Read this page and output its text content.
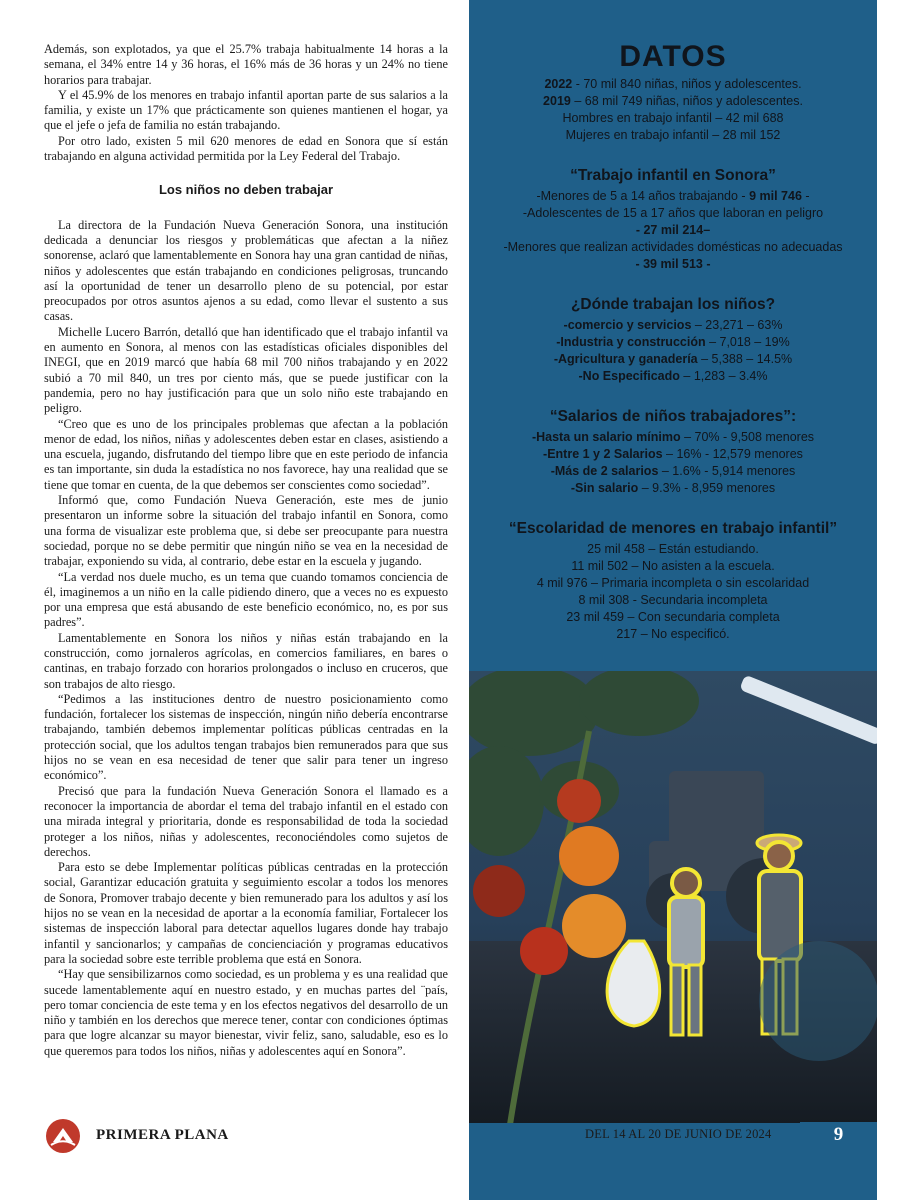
Además, son explotados, ya que el 25.7% trabaja habitualmente 14 horas a la semana, el 34% entre 14 y 36 horas, el 16% más de 36 horas y un 24% no tiene horarios para trabajar.

Y el 45.9% de los menores en trabajo infantil aportan parte de sus salarios a la familia, y existe un 17% que prácticamente son quienes mantienen el hogar, ya que el jefe o jefa de familia no están trabajando.

Por otro lado, existen 5 mil 620 menores de edad en Sonora que sí están trabajando en alguna actividad permitida por la Ley Federal del Trabajo.

Los niños no deben trabajar

La directora de la Fundación Nueva Generación Sonora, una institución dedicada a denunciar los riesgos y problemáticas que afectan a la niñez sonorense, aclaró que lamentablemente en Sonora hay una gran cantidad de niñas, niños y adolescentes que están trabajando en condiciones peligrosas, truncando así la oportunidad de tener un desarrollo pleno de su potencial, por estar preocupados por otros asuntos ajenos a su edad, como llevar el sustento a sus casas.

Michelle Lucero Barrón, detalló que han identificado que el trabajo infantil va en aumento en Sonora, al menos con las estadísticas oficiales disponibles del INEGI, que en 2019 marcó que había 68 mil 700 niños trabajando y en 2022 subió a 70 mil 840, un tres por ciento más, que se puede justificar con la pandemia, pero no hay justificación para que un solo niño este trabajando en peligro.

“Creo que es uno de los principales problemas que afectan a la población menor de edad, los niños, niñas y adolescentes deben estar en clases, asistiendo a una escuela, jugando, disfrutando del tiempo libre que en este periodo de infancia es tan importante, sin duda la estadística no nos favorece, hay una realidad que se tiene que tomar en cuenta, de la que debemos ser conscientes como sociedad”.

Informó que, como Fundación Nueva Generación, este mes de junio presentaron un informe sobre la situación del trabajo infantil en Sonora, como una forma de visualizar este problema que, si debe ser preocupante para nuestra sociedad, porque no se debe permitir que ningún niño se vea en la necesidad de trabajar, exponiendo su vida, al contrario, debe estar en la escuela y jugando.

“La verdad nos duele mucho, es un tema que cuando tomamos conciencia de él, imaginemos a un niño en la calle pidiendo dinero, que a veces no es expuesto por una empresa que está abusando de este beneficio económico, no, es por sus padres”.

Lamentablemente en Sonora los niños y niñas están trabajando en la construcción, como jornaleros agrícolas, en comercios familiares, en bares o cantinas, en trabajo forzado con horarios prolongados o incluso en cruceros, que son trabajos de alto riesgo.

“Pedimos a las instituciones dentro de nuestro posicionamiento como fundación, fortalecer los sistemas de inspección, ningún niño debería encontrarse trabajando, también debemos implementar políticas públicas centradas en la protección social, que los adultos tengan trabajos bien remunerados para que sus hijos no se vean en esa necesidad de tener que salir para tener un ingreso económico”.

Precisó que para la fundación Nueva Generación Sonora el llamado es a reconocer la importancia de abordar el tema del trabajo infantil en el estado con una mirada integral y prioritaria, donde es responsabilidad de toda la sociedad proteger a los niños, niñas y adolescentes, reconociéndoles como sujetos de derechos.

Para esto se debe Implementar políticas públicas centradas en la protección social, Garantizar educación gratuita y seguimiento escolar a todos los menores de Sonora, Promover trabajo decente y bien remunerado para los adultos y así los hijos no se vean en la necesidad de aportar a la economía familiar, Fortalecer los sistemas de inspección laboral para detectar aquellos lugares donde hay trabajo infantil y sancionarlos; y campañas de concienciación y programas educativos para la sociedad sobre este terrible problema que está en Sonora.

“Hay que sensibilizarnos como sociedad, es un problema y es una realidad que sucede lamentablemente aquí en nuestro estado, y en muchas partes del ¨país, pero tomar conciencia de este tema y en los efectos negativos del desarrollo de un niño y también en los derechos que merece tener, contar con condiciones óptimas para que logre alcanzar su mayor bienestar, vivir feliz, sano, saludable, eso es lo que queremos para todos los niños, niñas y adolescentes aquí en Sonora”.

DATOS
2022 - 70 mil 840 niñas, niños y adolescentes.
2019 – 68 mil 749 niñas, niños y adolescentes.
Hombres en trabajo infantil – 42 mil 688
Mujeres en trabajo infantil – 28 mil 152
“Trabajo infantil en Sonora”
-Menores de 5 a 14 años trabajando - 9 mil 746 -
-Adolescentes de 15 a 17 años que laboran en peligro
- 27 mil 214–
-Menores que realizan actividades domésticas no adecuadas
- 39 mil 513 -
¿Dónde trabajan los niños?
-comercio y servicios – 23,271 – 63%
-Industria y construcción – 7,018 – 19%
-Agricultura y ganadería – 5,388 – 14.5%
-No Especificado – 1,283 – 3.4%
“Salarios de niños trabajadores”:
-Hasta un salario mínimo – 70% - 9,508 menores
-Entre 1 y 2 Salarios – 16% - 12,579 menores
-Más de 2 salarios – 1.6% - 5,914 menores
-Sin salario – 9.3% - 8,959 menores
“Escolaridad de menores en trabajo infantil”
25 mil 458 – Están estudiando.
11 mil 502 – No asisten a la escuela.
4 mil 976 – Primaria incompleta o sin escolaridad
8 mil 308 - Secundaria incompleta
23 mil 459 – Con secundaria completa
217 – No especificó.
PRIMERA PLANA	DEL 14 AL 20 DE JUNIO DE 2024	9
